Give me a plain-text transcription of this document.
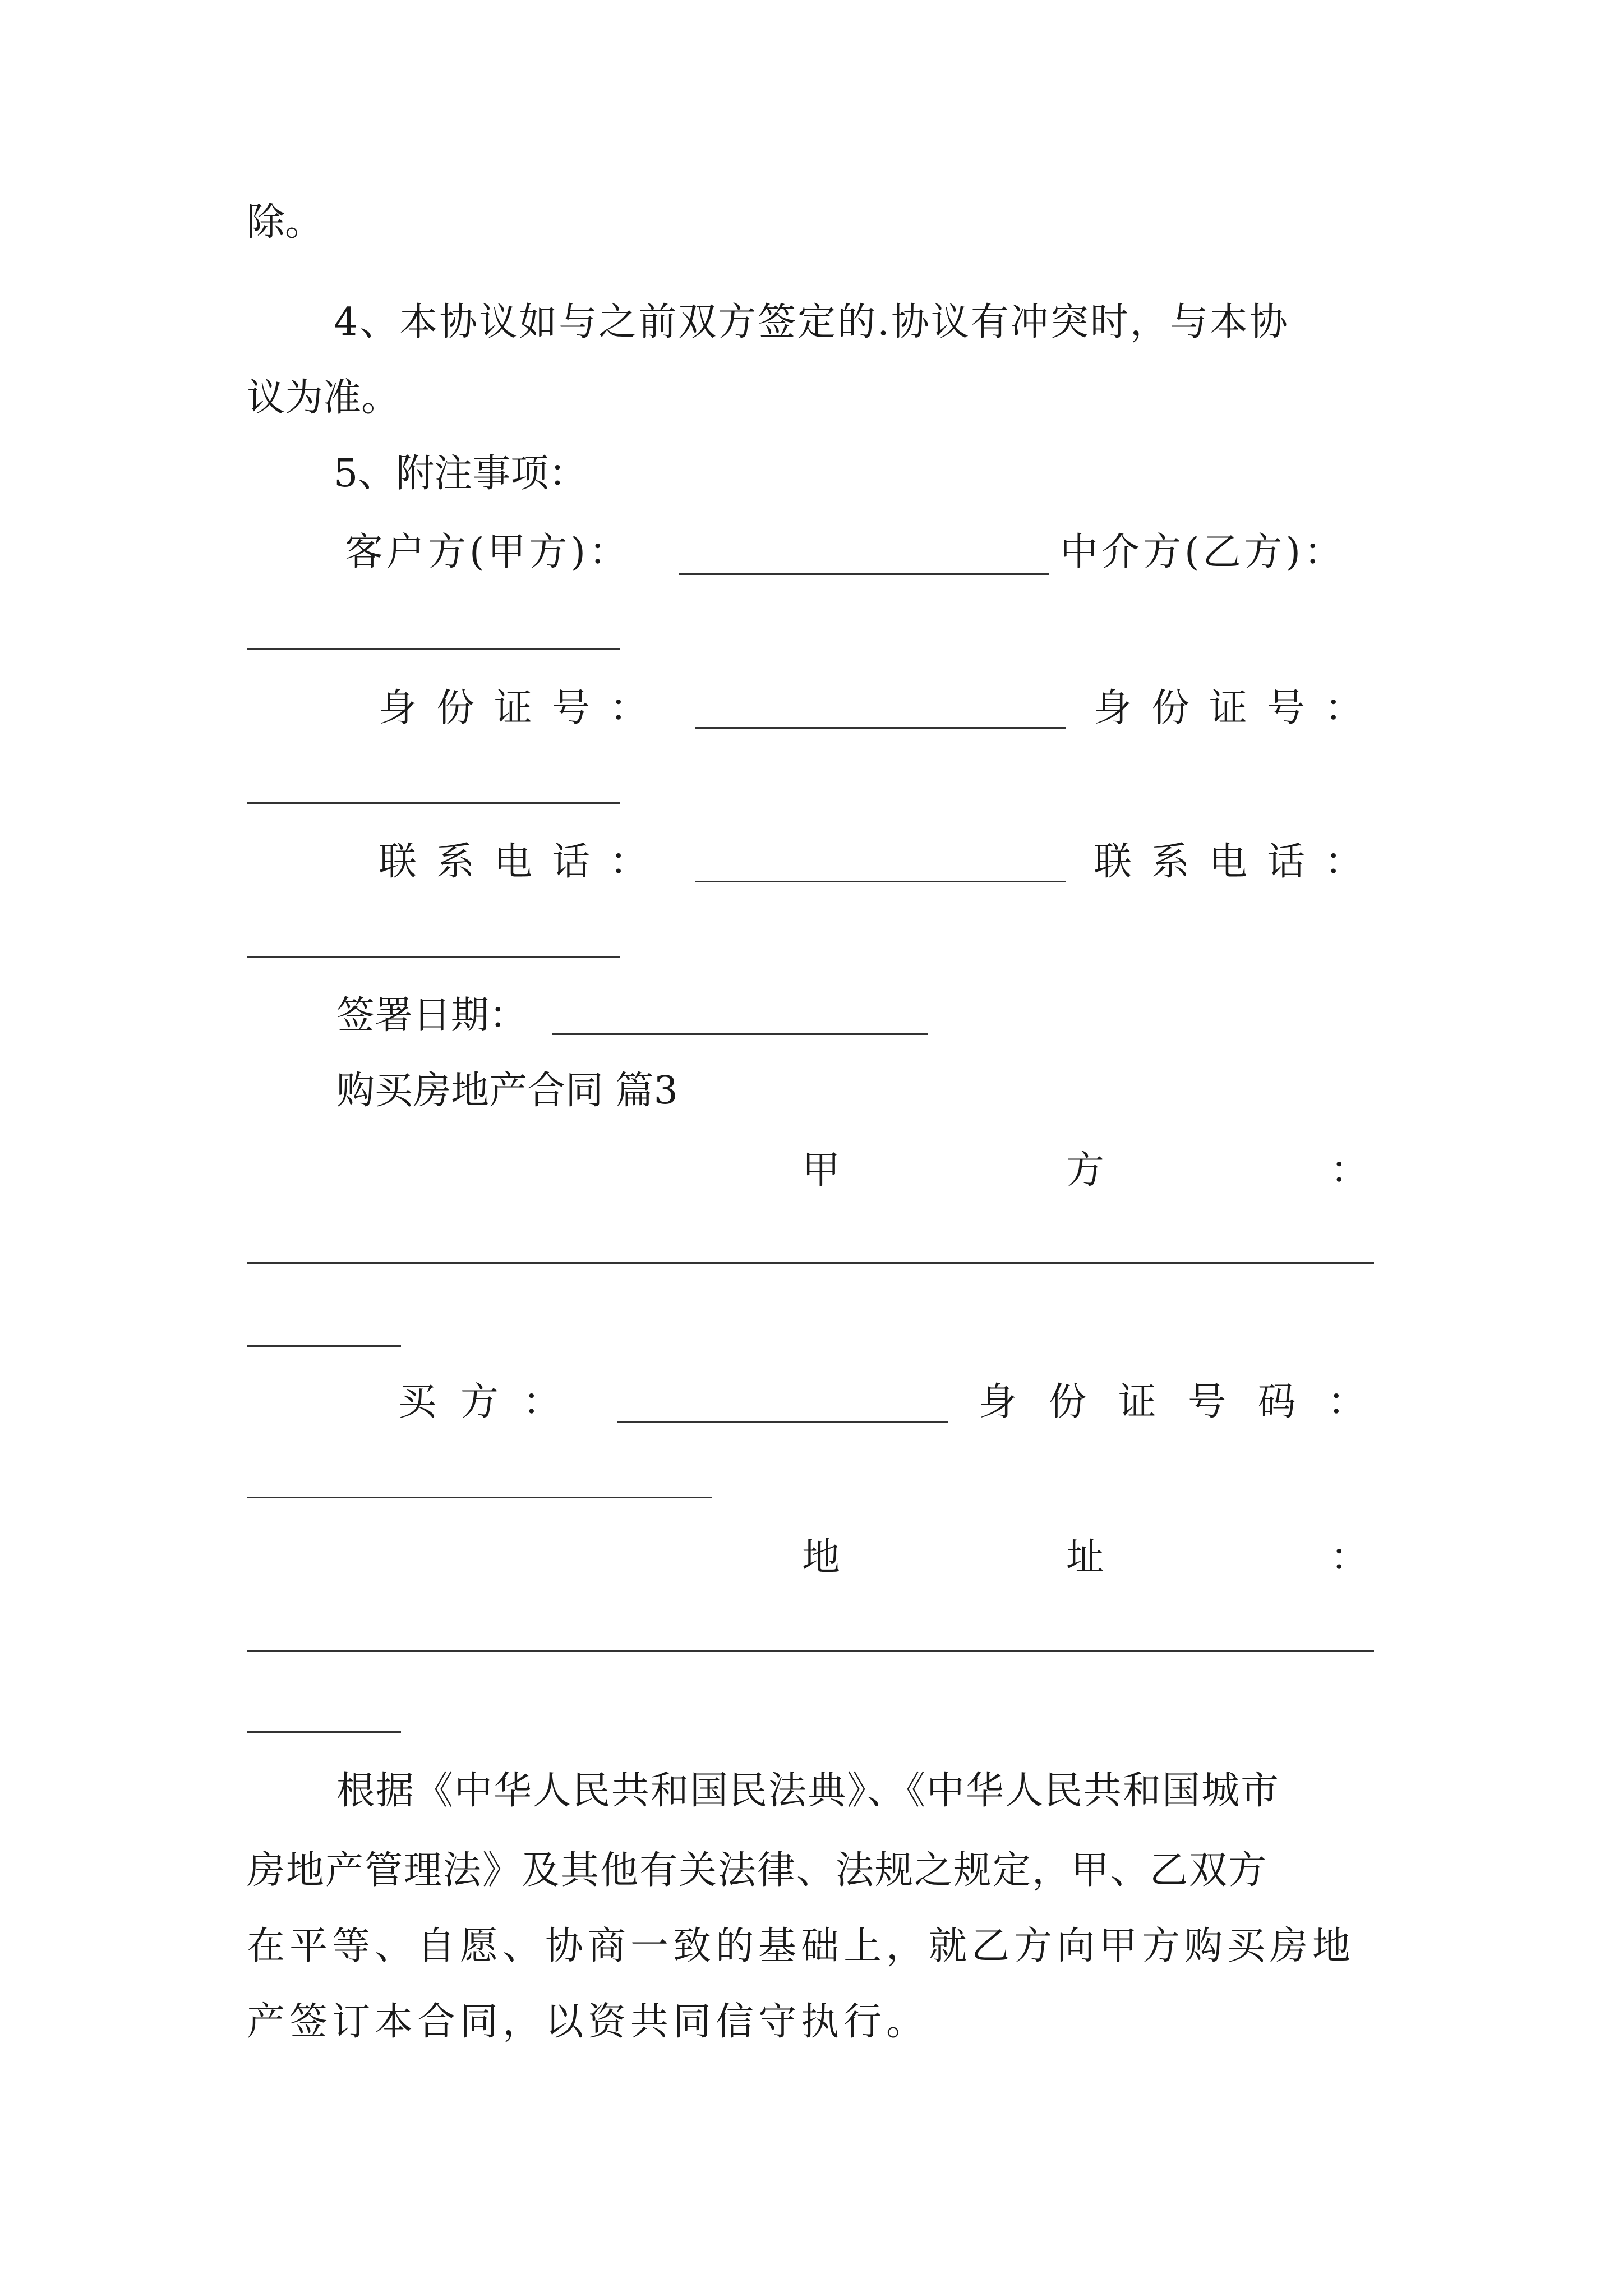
除。
4、本协议如与之前双方签定的.协议有冲突时，与本协
议为准。
5、附注事项：
客户方(甲方)：	中介方(乙方)：
身 份 证 号 ：	身 份 证 号 ：
联 系 电 话 ：	联 系 电 话 ：
签署日期：
购买房地产合同 篇3
甲	方	：
买 方 ：	身 份 证 号 码 ：
地	址	：
根据《中华人民共和国民法典》、《中华人民共和国城市
房地产管理法》及其他有关法律、法规之规定，甲、乙双方
在平等、自愿、协商一致的基础上，就乙方向甲方购买房地
产签订本合同，以资共同信守执行。
